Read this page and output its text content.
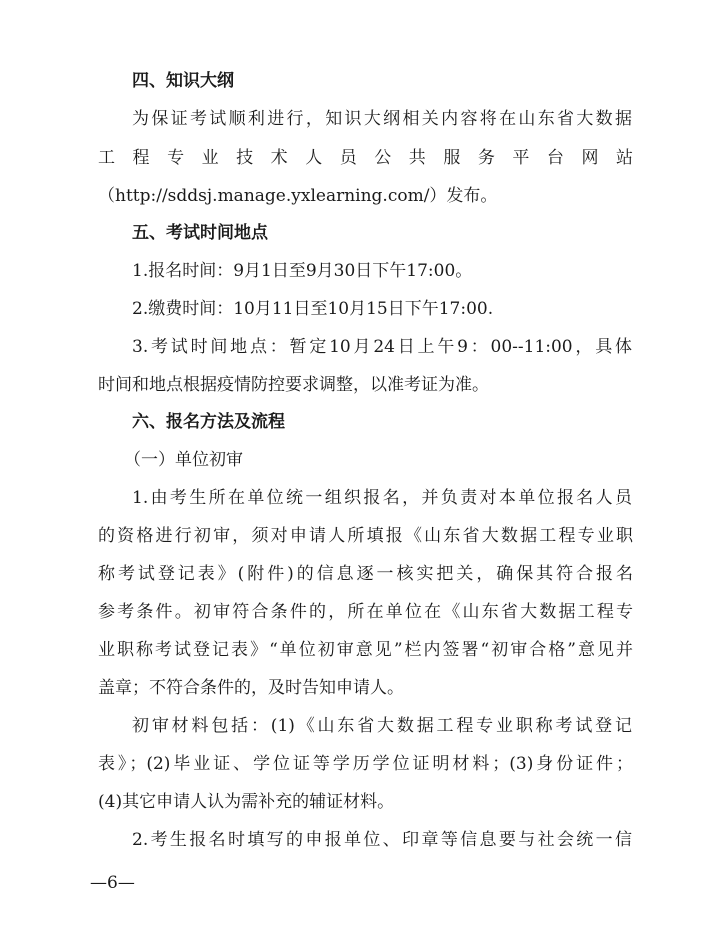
四、知识大纲
为保证考试顺利进行，知识大纲相关内容将在山东省大数据
工 程 专 业 技 术 人 员 公 共 服 务 平 台 网 站
（http://sddsj.manage.yxlearning.com/）发布。
五、考试时间地点
1.报名时间：9月1日至9月30日下午17:00。
2.缴费时间：10月11日至10月15日下午17:00.
3.考试时间地点：暂定10月24日上午9：00--11:00，具体
时间和地点根据疫情防控要求调整，以准考证为准。
六、报名方法及流程
（一）单位初审
1.由考生所在单位统一组织报名，并负责对本单位报名人员
的资格进行初审，须对申请人所填报《山东省大数据工程专业职
称考试登记表》(附件)的信息逐一核实把关，确保其符合报名
参考条件。初审符合条件的，所在单位在《山东省大数据工程专
业职称考试登记表》“单位初审意见”栏内签署“初审合格”意见并
盖章；不符合条件的，及时告知申请人。
初审材料包括：(1)《山东省大数据工程专业职称考试登记
表》；(2)毕业证、学位证等学历学位证明材料；(3)身份证件；
(4)其它申请人认为需补充的辅证材料。
2.考生报名时填写的申报单位、印章等信息要与社会统一信
—6—
